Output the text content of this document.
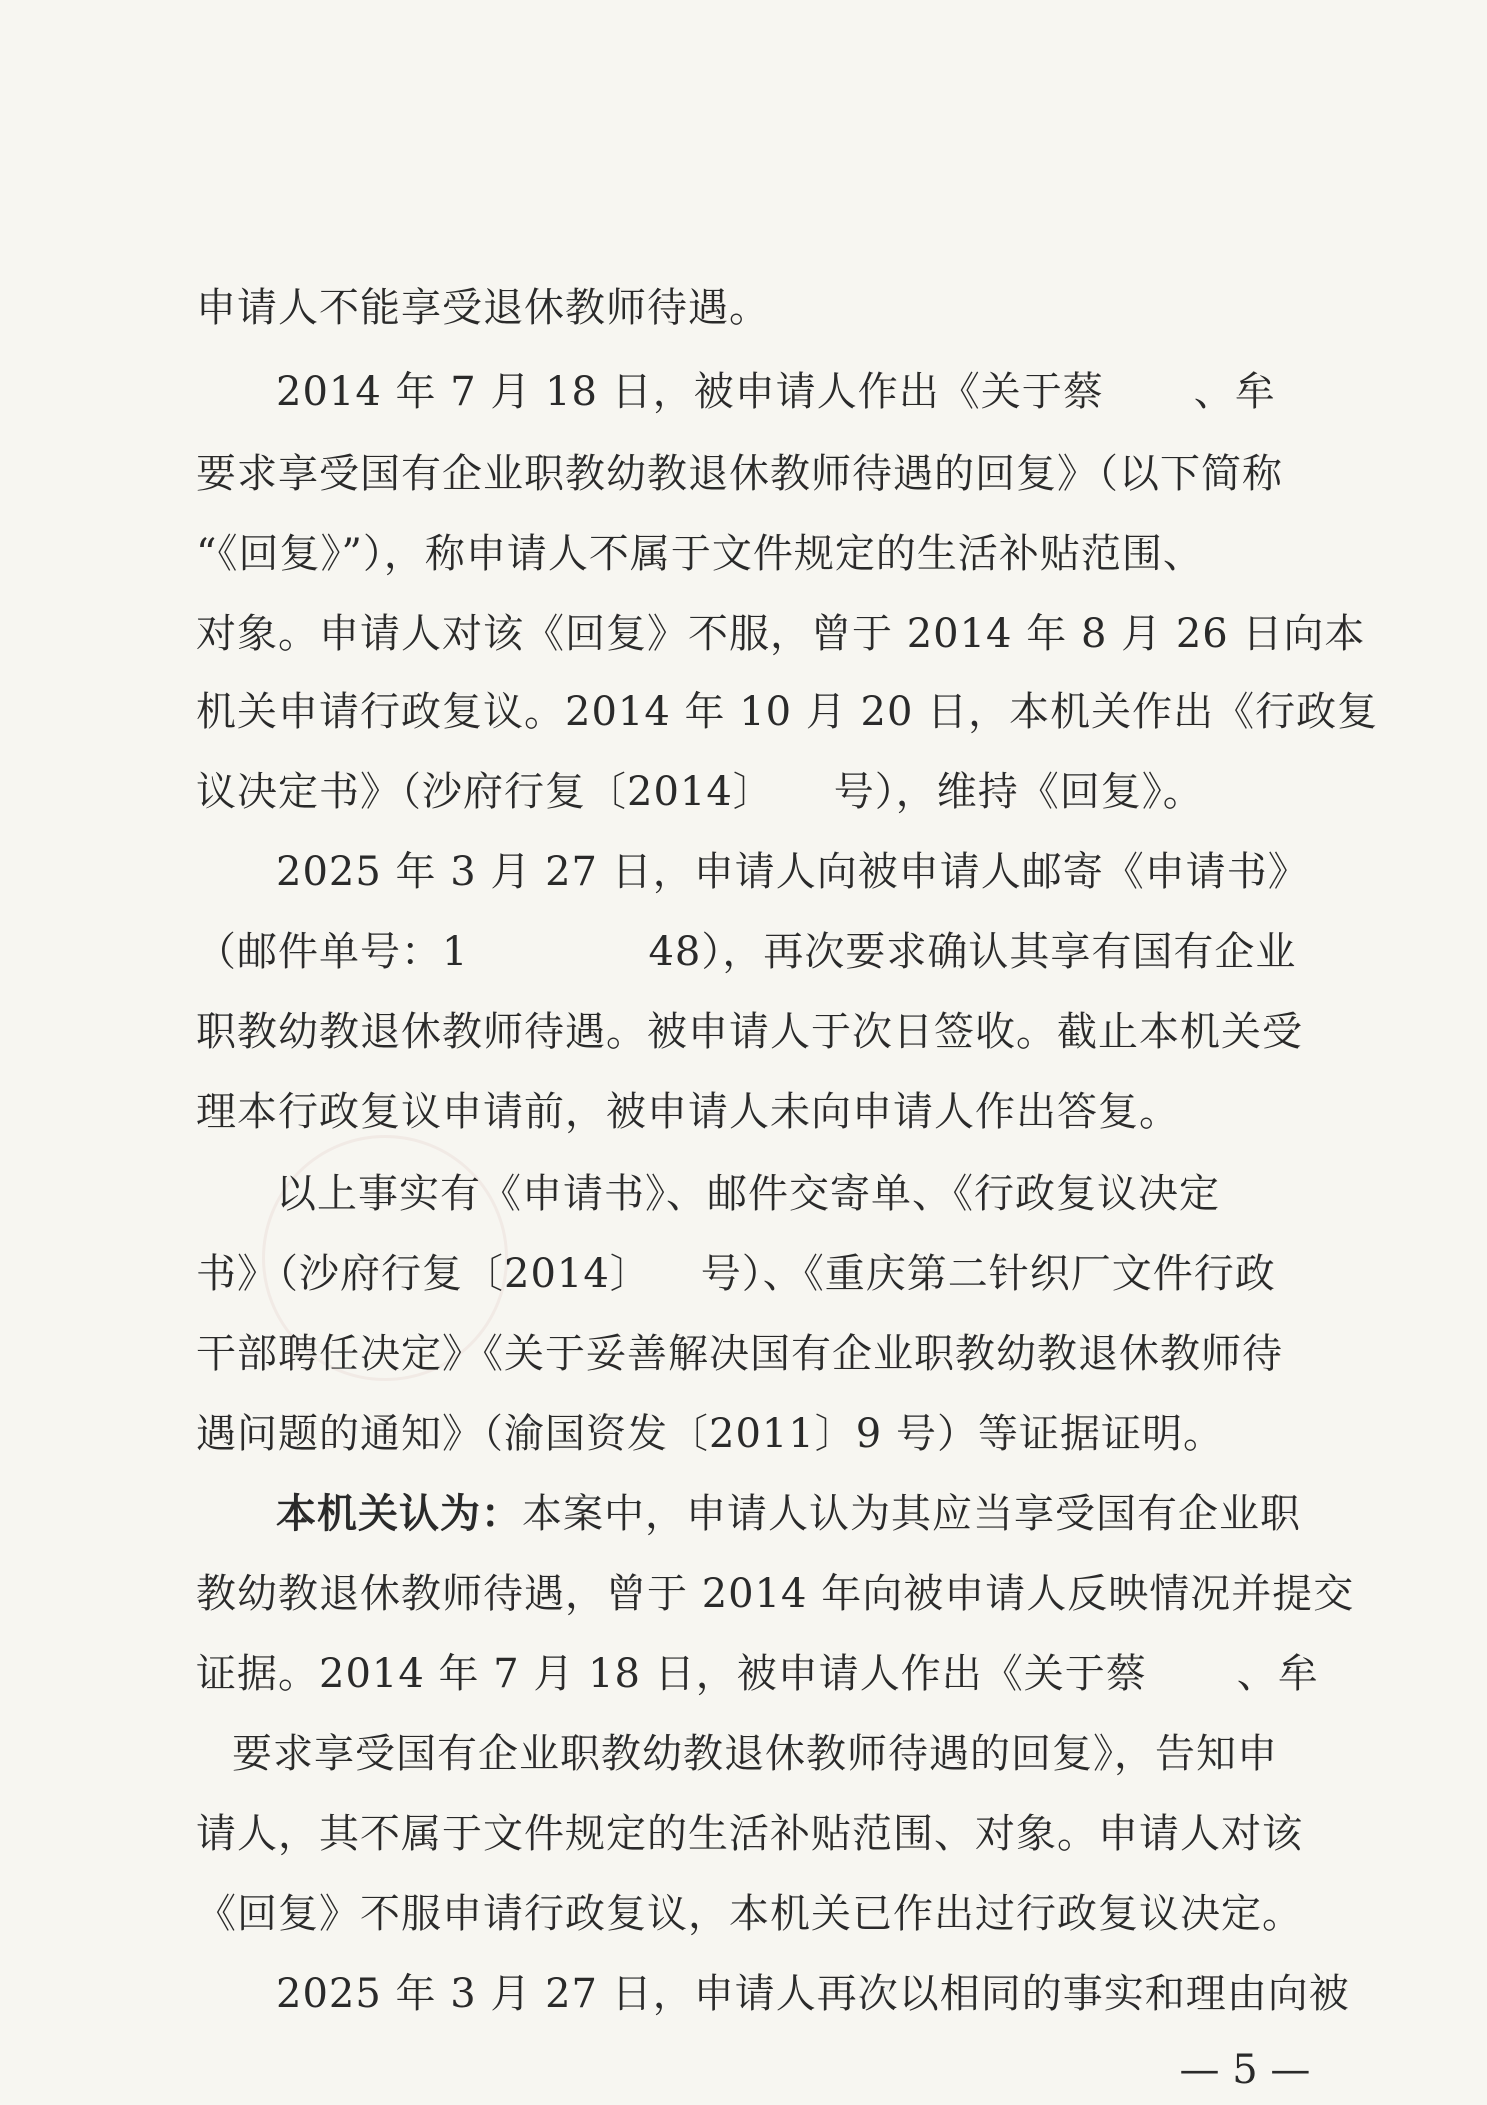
申请人不能享受退休教师待遇。
2014 年 7 月 18 日，被申请人作出《关于蔡 、牟
要求享受国有企业职教幼教退休教师待遇的回复》（以下简称
“《回复》”），称申请人不属于文件规定的生活补贴范围、
对象。申请人对该《回复》不服，曾于 2014 年 8 月 26 日向本
机关申请行政复议。2014 年 10 月 20 日，本机关作出《行政复
议决定书》（沙府行复〔2014〕 号），维持《回复》。
2025 年 3 月 27 日，申请人向被申请人邮寄《申请书》
（邮件单号：1	48），再次要求确认其享有国有企业
职教幼教退休教师待遇。被申请人于次日签收。截止本机关受
理本行政复议申请前，被申请人未向申请人作出答复。
以上事实有《申请书》、邮件交寄单、《行政复议决定
书》（沙府行复〔2014〕 号）、《重庆第二针织厂文件行政
干部聘任决定》《关于妥善解决国有企业职教幼教退休教师待
遇问题的通知》（渝国资发〔2011〕9 号）等证据证明。
本机关认为：本案中，申请人认为其应当享受国有企业职
教幼教退休教师待遇，曾于 2014 年向被申请人反映情况并提交
证据。2014 年 7 月 18 日，被申请人作出《关于蔡 、牟
要求享受国有企业职教幼教退休教师待遇的回复》，告知申
请人，其不属于文件规定的生活补贴范围、对象。申请人对该
《回复》不服申请行政复议，本机关已作出过行政复议决定。
2025 年 3 月 27 日，申请人再次以相同的事实和理由向被
— 5 —
